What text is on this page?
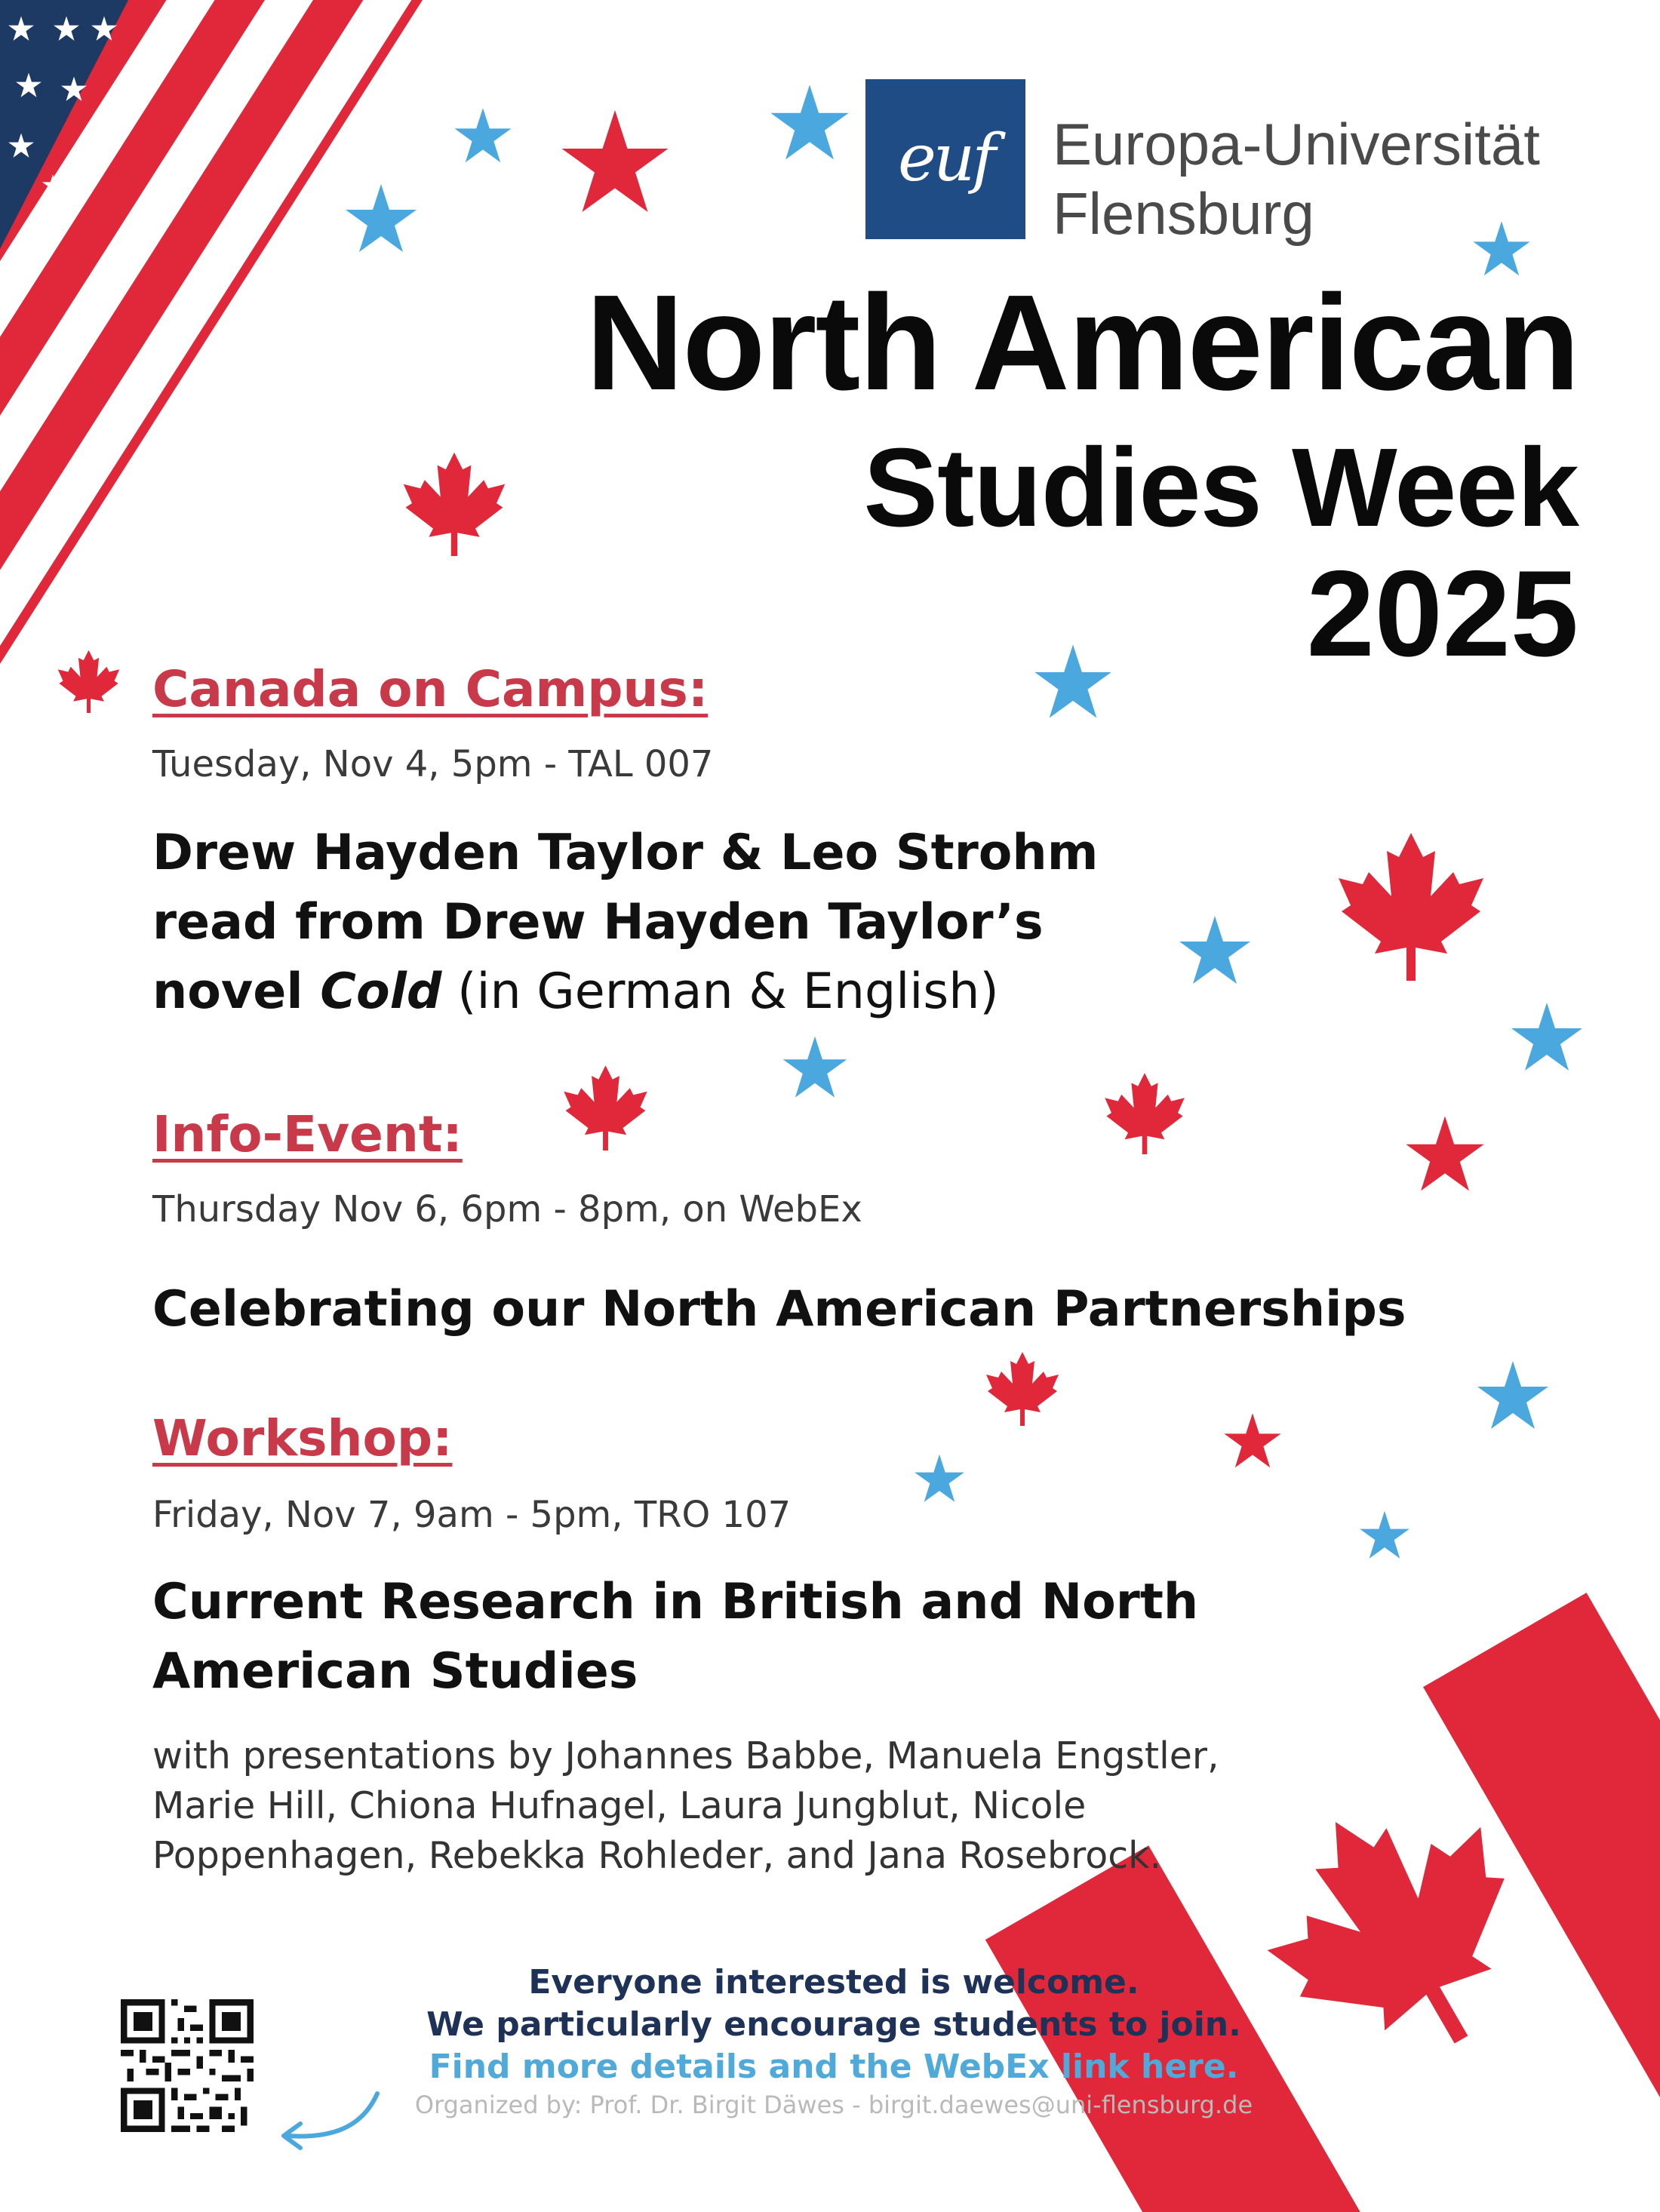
euf	Europa-Universität
Flensburg
North American
Studies Week
2025
Canada on Campus:
Tuesday, Nov 4, 5pm - TAL 007
Drew Hayden Taylor & Leo Strohm
read from Drew Hayden Taylor’s
novel Cold (in German & English)
Info-Event:
Thursday Nov 6, 6pm - 8pm, on WebEx
Celebrating our North American Partnerships
Workshop:
Friday, Nov 7, 9am - 5pm, TRO 107
Current Research in British and North
American Studies
with presentations by Johannes Babbe, Manuela Engstler,
Marie Hill, Chiona Hufnagel, Laura Jungblut, Nicole
Poppenhagen, Rebekka Rohleder, and Jana Rosebrock.
Everyone interested is welcome.
We particularly encourage students to join.
Find more details and the WebEx link here.
Organized by: Prof. Dr. Birgit Däwes - birgit.daewes@uni-flensburg.de
